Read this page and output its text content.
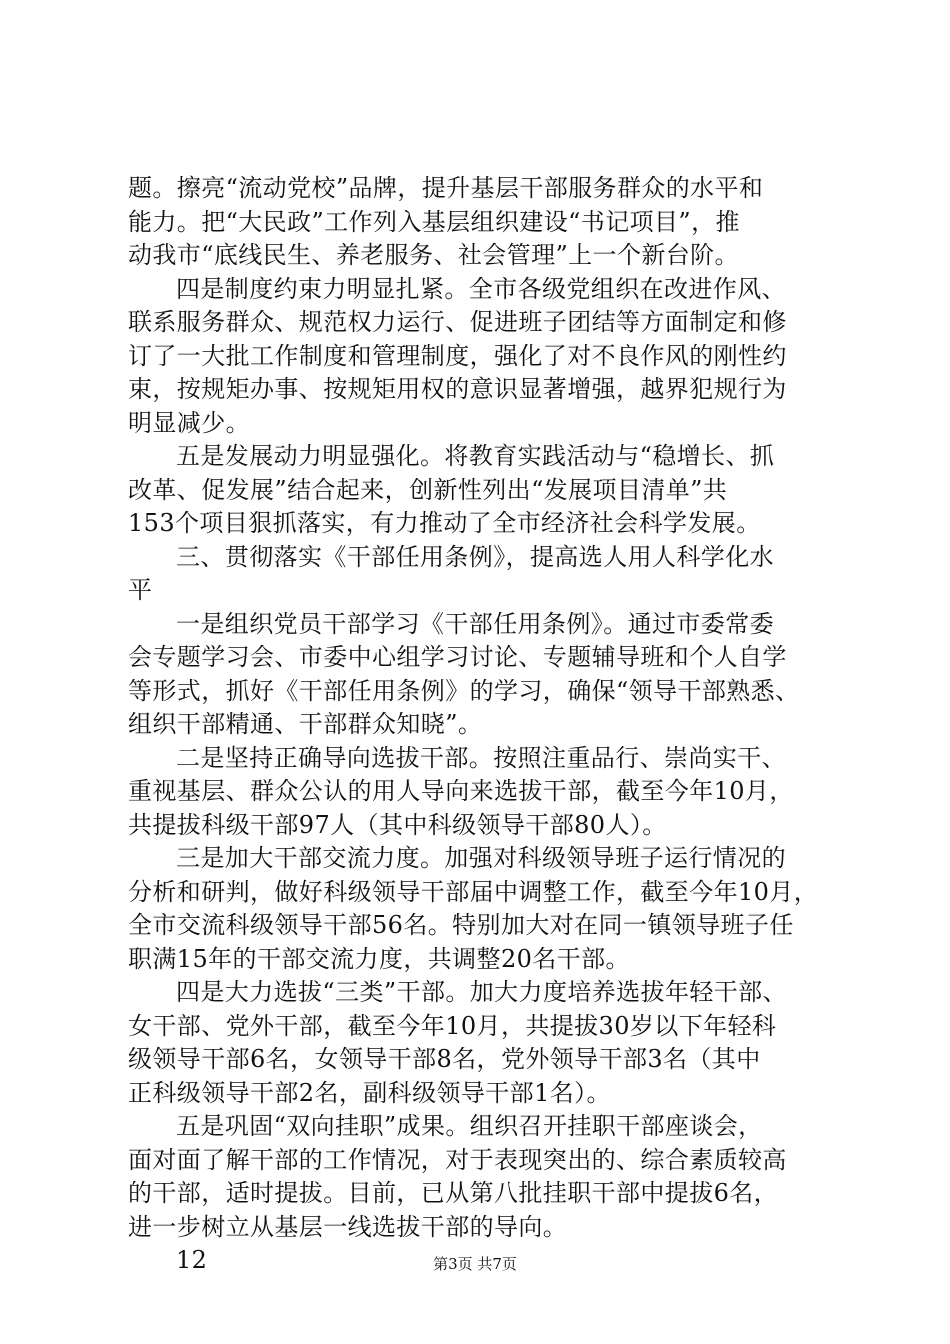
题。擦亮“流动党校”品牌，提升基层干部服务群众的水平和
能力。把“大民政”工作列入基层组织建设“书记项目”，推
动我市“底线民生、养老服务、社会管理”上一个新台阶。
四是制度约束力明显扎紧。全市各级党组织在改进作风、
联系服务群众、规范权力运行、促进班子团结等方面制定和修
订了一大批工作制度和管理制度，强化了对不良作风的刚性约
束，按规矩办事、按规矩用权的意识显著增强，越界犯规行为
明显减少。
五是发展动力明显强化。将教育实践活动与“稳增长、抓
改革、促发展”结合起来，创新性列出“发展项目清单”共
153个项目狠抓落实，有力推动了全市经济社会科学发展。
三、贯彻落实《干部任用条例》，提高选人用人科学化水
平
一是组织党员干部学习《干部任用条例》。通过市委常委
会专题学习会、市委中心组学习讨论、专题辅导班和个人自学
等形式，抓好《干部任用条例》的学习，确保“领导干部熟悉、
组织干部精通、干部群众知晓”。
二是坚持正确导向选拔干部。按照注重品行、崇尚实干、
重视基层、群众公认的用人导向来选拔干部，截至今年10月，
共提拔科级干部97人（其中科级领导干部80人）。
三是加大干部交流力度。加强对科级领导班子运行情况的
分析和研判，做好科级领导干部届中调整工作，截至今年10月，
全市交流科级领导干部56名。特别加大对在同一镇领导班子任
职满15年的干部交流力度，共调整20名干部。
四是大力选拔“三类”干部。加大力度培养选拔年轻干部、
女干部、党外干部，截至今年10月，共提拔30岁以下年轻科
级领导干部6名，女领导干部8名，党外领导干部3名（其中
正科级领导干部2名，副科级领导干部1名）。
五是巩固“双向挂职”成果。组织召开挂职干部座谈会，
面对面了解干部的工作情况，对于表现突出的、综合素质较高
的干部，适时提拔。目前，已从第八批挂职干部中提拔6名，
进一步树立从基层一线选拔干部的导向。
12	第3页 共7页
